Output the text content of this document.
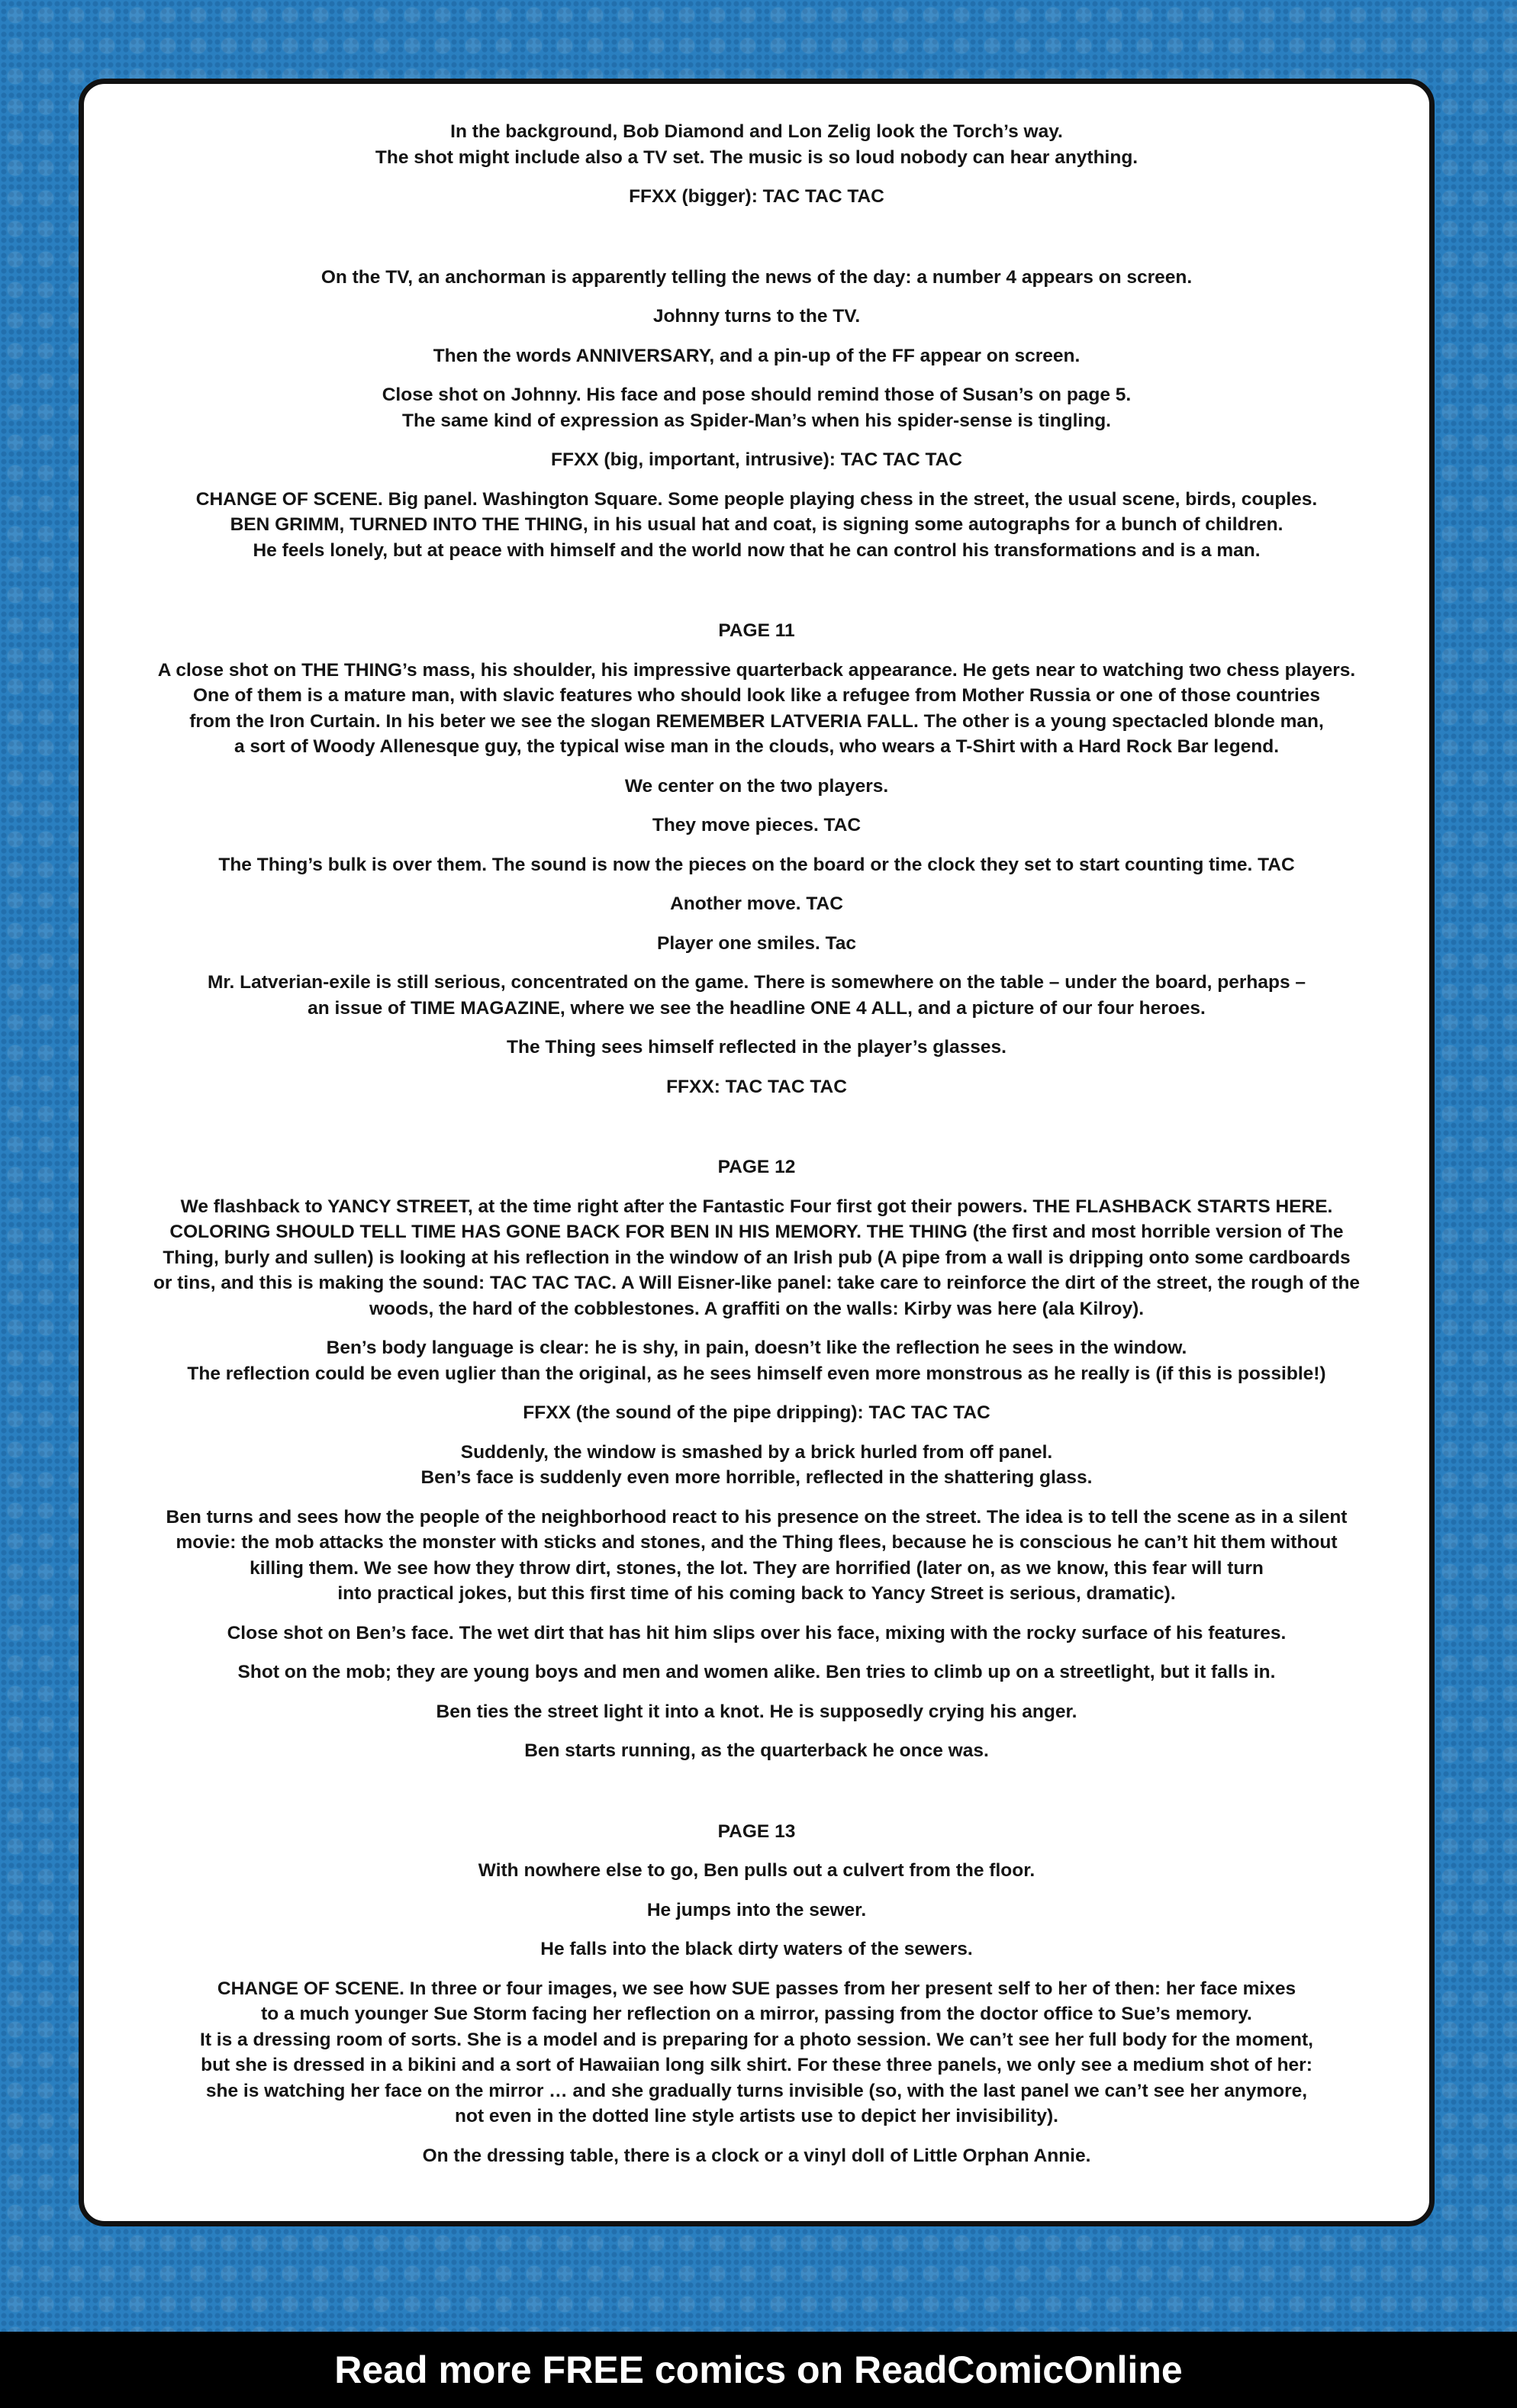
In the background, Bob Diamond and Lon Zelig look the Torch’s way.
The shot might include also a TV set. The music is so loud nobody can hear anything.

FFXX (bigger): TAC TAC TAC

On the TV, an anchorman is apparently telling the news of the day: a number 4 appears on screen.

Johnny turns to the TV.

Then the words ANNIVERSARY, and a pin-up of the FF appear on screen.

Close shot on Johnny. His face and pose should remind those of Susan’s on page 5.
The same kind of expression as Spider-Man’s when his spider-sense is tingling.

FFXX (big, important, intrusive): TAC TAC TAC

CHANGE OF SCENE. Big panel. Washington Square. Some people playing chess in the street, the usual scene, birds, couples.
BEN GRIMM, TURNED INTO THE THING, in his usual hat and coat, is signing some autographs for a bunch of children.
He feels lonely, but at peace with himself and the world now that he can control his transformations and is a man.

PAGE 11

A close shot on THE THING’s mass, his shoulder, his impressive quarterback appearance. He gets near to watching two chess players.
One of them is a mature man, with slavic features who should look like a refugee from Mother Russia or one of those countries
from the Iron Curtain. In his beter we see the slogan REMEMBER LATVERIA FALL. The other is a young spectacled blonde man,
a sort of Woody Allenesque guy, the typical wise man in the clouds, who wears a T-Shirt with a Hard Rock Bar legend.

We center on the two players.

They move pieces. TAC

The Thing’s bulk is over them. The sound is now the pieces on the board or the clock they set to start counting time. TAC

Another move. TAC

Player one smiles. Tac

Mr. Latverian-exile is still serious, concentrated on the game. There is somewhere on the table – under the board, perhaps –
an issue of TIME MAGAZINE, where we see the headline ONE 4 ALL, and a picture of our four heroes.

The Thing sees himself reflected in the player’s glasses.

FFXX: TAC TAC TAC

PAGE 12

We flashback to YANCY STREET, at the time right after the Fantastic Four first got their powers. THE FLASHBACK STARTS HERE.
COLORING SHOULD TELL TIME HAS GONE BACK FOR BEN IN HIS MEMORY. THE THING (the first and most horrible version of The
Thing, burly and sullen) is looking at his reflection in the window of an Irish pub (A pipe from a wall is dripping onto some cardboards
or tins, and this is making the sound: TAC TAC TAC. A Will Eisner-like panel: take care to reinforce the dirt of the street, the rough of the
woods, the hard of the cobblestones. A graffiti on the walls: Kirby was here (ala Kilroy).

Ben’s body language is clear: he is shy, in pain, doesn’t like the reflection he sees in the window.
The reflection could be even uglier than the original, as he sees himself even more monstrous as he really is (if this is possible!)

FFXX (the sound of the pipe dripping): TAC TAC TAC

Suddenly, the window is smashed by a brick hurled from off panel.
Ben’s face is suddenly even more horrible, reflected in the shattering glass.

Ben turns and sees how the people of the neighborhood react to his presence on the street. The idea is to tell the scene as in a silent
movie: the mob attacks the monster with sticks and stones, and the Thing flees, because he is conscious he can’t hit them without
killing them. We see how they throw dirt, stones, the lot. They are horrified (later on, as we know, this fear will turn
into practical jokes, but this first time of his coming back to Yancy Street is serious, dramatic).

Close shot on Ben’s face. The wet dirt that has hit him slips over his face, mixing with the rocky surface of his features.

Shot on the mob; they are young boys and men and women alike. Ben tries to climb up on a streetlight, but it falls in.

Ben ties the street light it into a knot. He is supposedly crying his anger.

Ben starts running, as the quarterback he once was.

PAGE 13

With nowhere else to go, Ben pulls out a culvert from the floor.

He jumps into the sewer.

He falls into the black dirty waters of the sewers.

CHANGE OF SCENE. In three or four images, we see how SUE passes from her present self to her of then: her face mixes
to a much younger Sue Storm facing her reflection on a mirror, passing from the doctor office to Sue’s memory.
It is a dressing room of sorts. She is a model and is preparing for a photo session. We can’t see her full body for the moment,
but she is dressed in a bikini and a sort of Hawaiian long silk shirt. For these three panels, we only see a medium shot of her:
she is watching her face on the mirror … and she gradually turns invisible (so, with the last panel we can’t see her anymore,
not even in the dotted line style artists use to depict her invisibility).

On the dressing table, there is a clock or a vinyl doll of Little Orphan Annie.

Read more FREE comics on ReadComicOnline
